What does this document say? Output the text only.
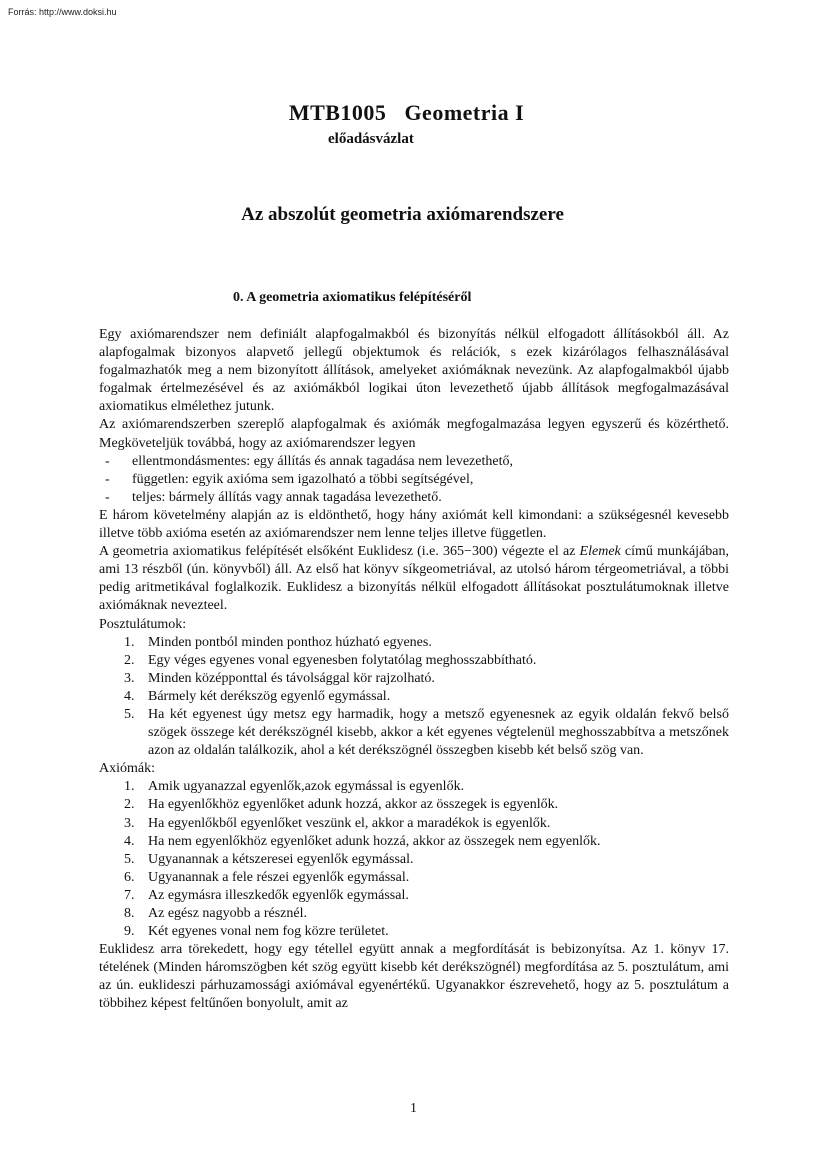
Forrás: http://www.doksi.hu
MTB1005 Geometria I
előadásvázlat
Az abszolút geometria axiómarendszere
0. A geometria axiomatikus felépítéséről

Egy axiómarendszer nem definiált alapfogalmakból és bizonyítás nélkül elfogadott állításokból áll. Az alapfogalmak bizonyos alapvető jellegű objektumok és relációk, s ezek kizárólagos felhasználásával fogalmazhatók meg a nem bizonyított állítások, amelyeket axiómáknak nevezünk. Az alapfogalmakból újabb fogalmak értelmezésével és az axiómákból logikai úton levezethető újabb állítások megfogalmazásával axiomatikus elmélethez jutunk.

Az axiómarendszerben szereplő alapfogalmak és axiómák megfogalmazása legyen egyszerű és közérthető. Megköveteljük továbbá, hogy az axiómarendszer legyen

- ellentmondásmentes: egy állítás és annak tagadása nem levezethető,
- független: egyik axióma sem igazolható a többi segítségével,
- teljes: bármely állítás vagy annak tagadása levezethető.

E három követelmény alapján az is eldönthető, hogy hány axiómát kell kimondani: a szükségesnél kevesebb illetve több axióma esetén az axiómarendszer nem lenne teljes illetve független.

A geometria axiomatikus felépítését elsőként Euklidesz (i.e. 365−300) végezte el az Elemek című munkájában, ami 13 részből (ún. könyvből) áll. Az első hat könyv síkgeometriával, az utolsó három térgeometriával, a többi pedig aritmetikával foglalkozik. Euklidesz a bizonyítás nélkül elfogadott állításokat posztulátumoknak illetve axiómáknak nevezteel.

Posztulátumok:

1. Minden pontból minden ponthoz húzható egyenes.
2. Egy véges egyenes vonal egyenesben folytatólag meghosszabbítható.
3. Minden középponttal és távolsággal kör rajzolható.
4. Bármely két derékszög egyenlő egymással.
5. Ha két egyenest úgy metsz egy harmadik, hogy a metsző egyenesnek az egyik oldalán fekvő belső szögek összege két derékszögnél kisebb, akkor a két egyenes végtelenül meghosszabbítva a metszőnek azon az oldalán találkozik, ahol a két derékszögnél összegben kisebb két belső szög van.

Axiómák:

1. Amik ugyanazzal egyenlők,azok egymással is egyenlők.
2. Ha egyenlőkhöz egyenlőket adunk hozzá, akkor az összegek is egyenlők.
3. Ha egyenlőkből egyenlőket veszünk el, akkor a maradékok is egyenlők.
4. Ha nem egyenlőkhöz egyenlőket adunk hozzá, akkor az összegek nem egyenlők.
5. Ugyanannak a kétszeresei egyenlők egymással.
6. Ugyanannak a fele részei egyenlők egymással.
7. Az egymásra illeszkedők egyenlők egymással.
8. Az egész nagyobb a résznél.
9. Két egyenes vonal nem fog közre területet.

Euklidesz arra törekedett, hogy egy tétellel együtt annak a megfordítását is bebizonyítsa. Az 1. könyv 17. tételének (Minden háromszögben két szög együtt kisebb két derékszögnél) megfordítása az 5. posztulátum, ami az ún. euklideszi párhuzamossági axiómával egyenértékű. Ugyanakkor észrevehető, hogy az 5. posztulátum a többihez képest feltűnően bonyolult, amit az

1
